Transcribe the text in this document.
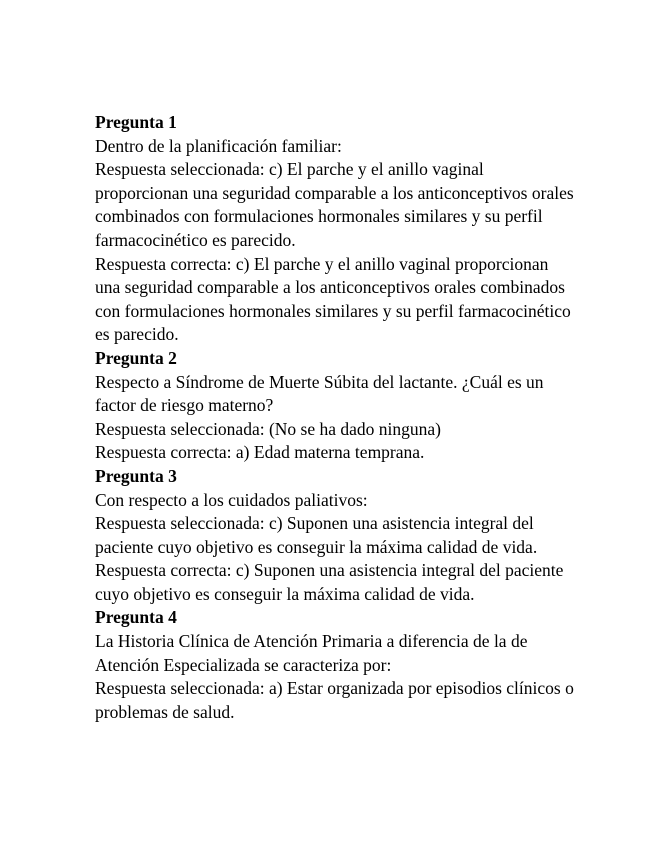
Pregunta 1

Dentro de la planificación familiar:

Respuesta seleccionada: c) El parche y el anillo vaginal proporcionan una seguridad comparable a los anticonceptivos orales combinados con formulaciones hormonales similares y su perfil farmacocinético es parecido.

Respuesta correcta: c) El parche y el anillo vaginal proporcionan una seguridad comparable a los anticonceptivos orales combinados con formulaciones hormonales similares y su perfil farmacocinético es parecido.

Pregunta 2

Respecto a Síndrome de Muerte Súbita del lactante. ¿Cuál es un factor de riesgo materno?

Respuesta seleccionada: (No se ha dado ninguna)

Respuesta correcta: a) Edad materna temprana.

Pregunta 3

Con respecto a los cuidados paliativos:

Respuesta seleccionada: c) Suponen una asistencia integral del paciente cuyo objetivo es conseguir la máxima calidad de vida.

Respuesta correcta: c) Suponen una asistencia integral del paciente cuyo objetivo es conseguir la máxima calidad de vida.

Pregunta 4

La Historia Clínica de Atención Primaria a diferencia de la de Atención Especializada se caracteriza por:

Respuesta seleccionada: a) Estar organizada por episodios clínicos o problemas de salud.
